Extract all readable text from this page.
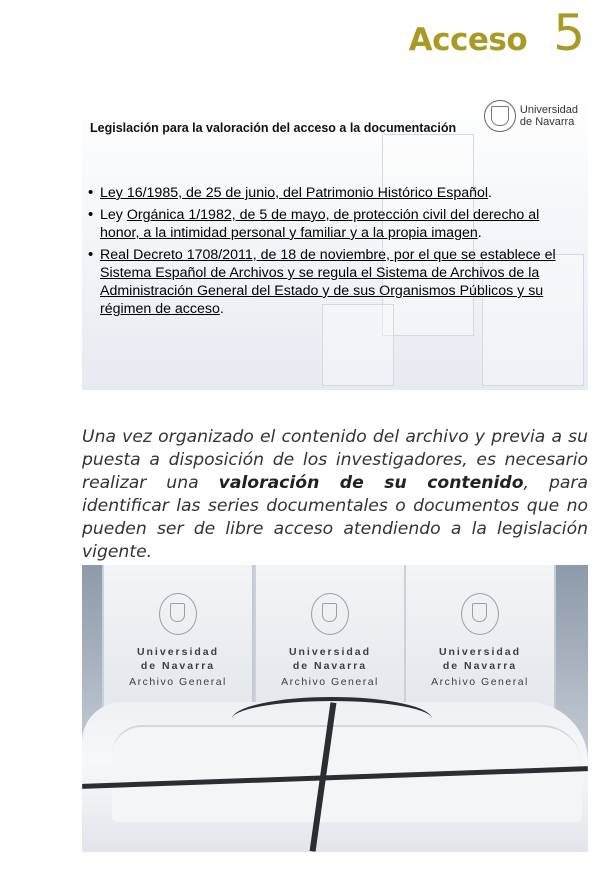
Acceso 5
Legislación para la valoración del acceso a la documentación
Universidad
de Navarra
• Ley 16/1985, de 25 de junio, del Patrimonio Histórico Español.
• Ley Orgánica 1/1982, de 5 de mayo, de protección civil del derecho al honor, a la intimidad personal y familiar y a la propia imagen.
• Real Decreto 1708/2011, de 18 de noviembre, por el que se establece el Sistema Español de Archivos y se regula el Sistema de Archivos de la Administración General del Estado y de sus Organismos Públicos y su régimen de acceso.

Una vez organizado el contenido del archivo y previa a su puesta a disposición de los investigadores, es necesario realizar una valoración de su contenido, para identificar las series documentales o documentos que no pueden ser de libre acceso atendiendo a la legislación vigente.

Universidad
de Navarra
Archivo General
Universidad
de Navarra
Archivo General
Universidad
de Navarra
Archivo General
